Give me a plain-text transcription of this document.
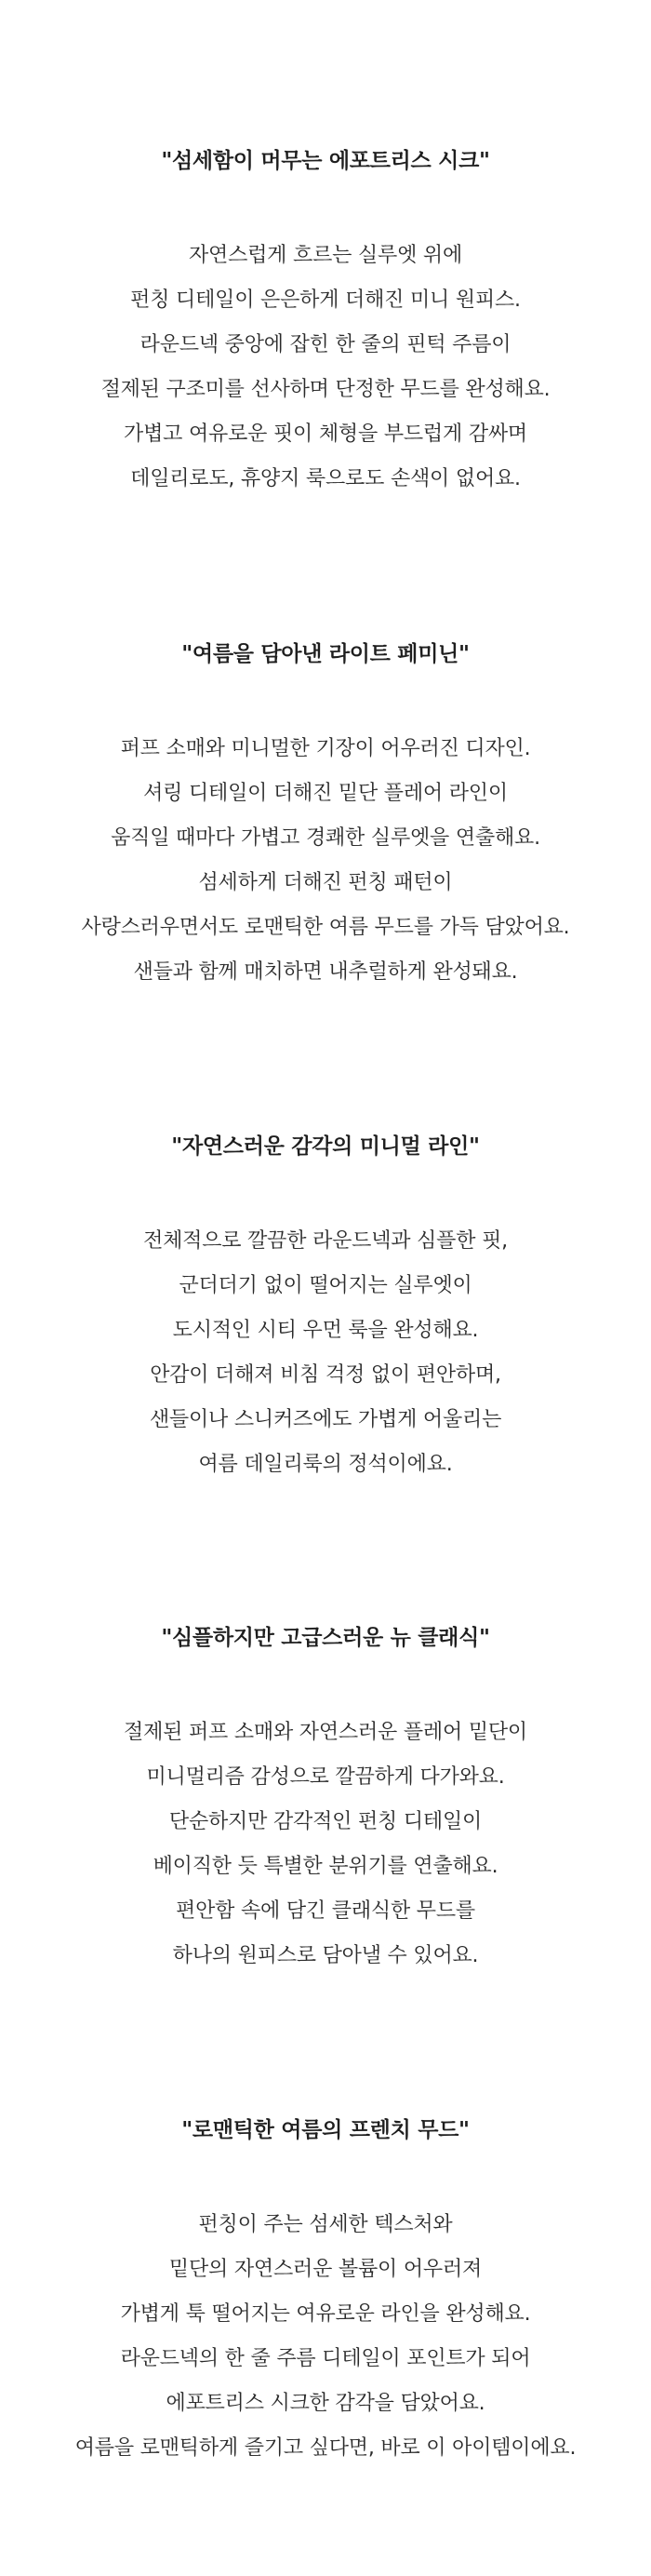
"섬세함이 머무는 에포트리스 시크"
자연스럽게 흐르는 실루엣 위에
펀칭 디테일이 은은하게 더해진 미니 원피스.
라운드넥 중앙에 잡힌 한 줄의 핀턱 주름이
절제된 구조미를 선사하며 단정한 무드를 완성해요.
가볍고 여유로운 핏이 체형을 부드럽게 감싸며
데일리로도, 휴양지 룩으로도 손색이 없어요.
"여름을 담아낸 라이트 페미닌"
퍼프 소매와 미니멀한 기장이 어우러진 디자인.
셔링 디테일이 더해진 밑단 플레어 라인이
움직일 때마다 가볍고 경쾌한 실루엣을 연출해요.
섬세하게 더해진 펀칭 패턴이
사랑스러우면서도 로맨틱한 여름 무드를 가득 담았어요.
샌들과 함께 매치하면 내추럴하게 완성돼요.
"자연스러운 감각의 미니멀 라인"
전체적으로 깔끔한 라운드넥과 심플한 핏,
군더더기 없이 떨어지는 실루엣이
도시적인 시티 우먼 룩을 완성해요.
안감이 더해져 비침 걱정 없이 편안하며,
샌들이나 스니커즈에도 가볍게 어울리는
여름 데일리룩의 정석이에요.
"심플하지만 고급스러운 뉴 클래식"
절제된 퍼프 소매와 자연스러운 플레어 밑단이
미니멀리즘 감성으로 깔끔하게 다가와요.
단순하지만 감각적인 펀칭 디테일이
베이직한 듯 특별한 분위기를 연출해요.
편안함 속에 담긴 클래식한 무드를
하나의 원피스로 담아낼 수 있어요.
"로맨틱한 여름의 프렌치 무드"
펀칭이 주는 섬세한 텍스처와
밑단의 자연스러운 볼륨이 어우러져
가볍게 툭 떨어지는 여유로운 라인을 완성해요.
라운드넥의 한 줄 주름 디테일이 포인트가 되어
에포트리스 시크한 감각을 담았어요.
여름을 로맨틱하게 즐기고 싶다면, 바로 이 아이템이에요.
